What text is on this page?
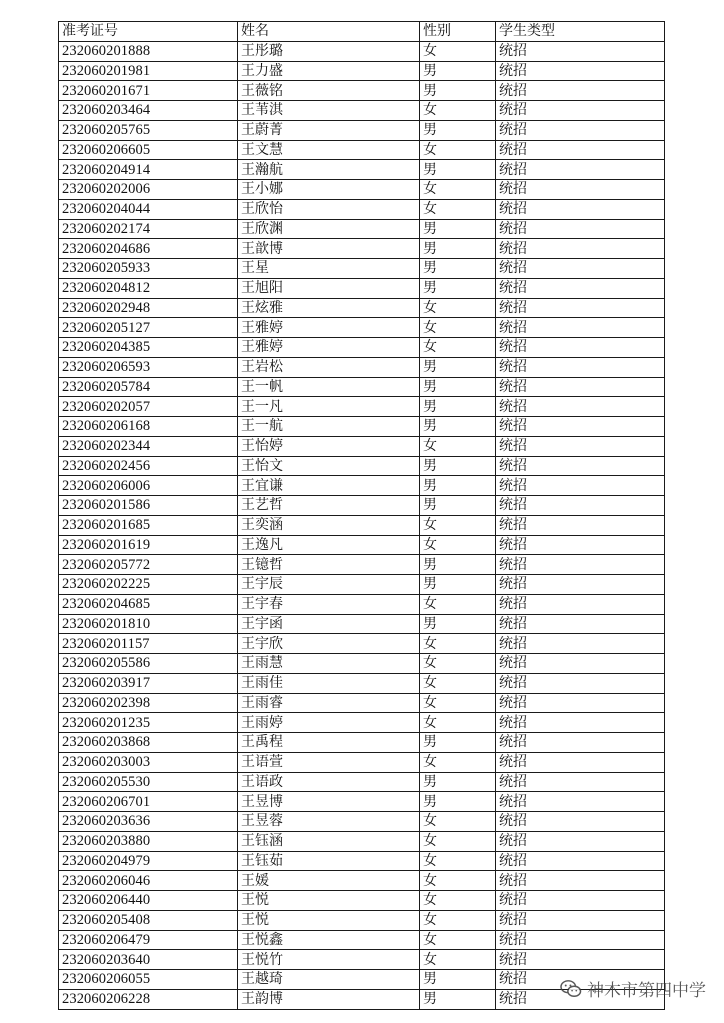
准考证号	姓名	性别	学生类型
232060201888	王彤璐	女	统招
232060201981	王力盛	男	统招
232060201671	王薇铭	男	统招
232060203464	王苇淇	女	统招
232060205765	王蔚菁	男	统招
232060206605	王文慧	女	统招
232060204914	王瀚航	男	统招
232060202006	王小娜	女	统招
232060204044	王欣怡	女	统招
232060202174	王欣渊	男	统招
232060204686	王歆博	男	统招
232060205933	王星	男	统招
232060204812	王旭阳	男	统招
232060202948	王炫雅	女	统招
232060205127	王雅婷	女	统招
232060204385	王雅婷	女	统招
232060206593	王岩松	男	统招
232060205784	王一帆	男	统招
232060202057	王一凡	男	统招
232060206168	王一航	男	统招
232060202344	王怡婷	女	统招
232060202456	王怡文	男	统招
232060206006	王宜谦	男	统招
232060201586	王艺哲	男	统招
232060201685	王奕涵	女	统招
232060201619	王逸凡	女	统招
232060205772	王镱哲	男	统招
232060202225	王宇辰	男	统招
232060204685	王宇春	女	统招
232060201810	王宇函	男	统招
232060201157	王宇欣	女	统招
232060205586	王雨慧	女	统招
232060203917	王雨佳	女	统招
232060202398	王雨睿	女	统招
232060201235	王雨婷	女	统招
232060203868	王禹程	男	统招
232060203003	王语萱	女	统招
232060205530	王语政	男	统招
232060206701	王昱博	男	统招
232060203636	王昱蓉	女	统招
232060203880	王钰涵	女	统招
232060204979	王钰茹	女	统招
232060206046	王媛	女	统招
232060206440	王悦	女	统招
232060205408	王悦	女	统招
232060206479	王悦鑫	女	统招
232060203640	王悦竹	女	统招
232060206055	王越琦	男	统招
232060206228	王韵博	男	统招	神木市第四中学
